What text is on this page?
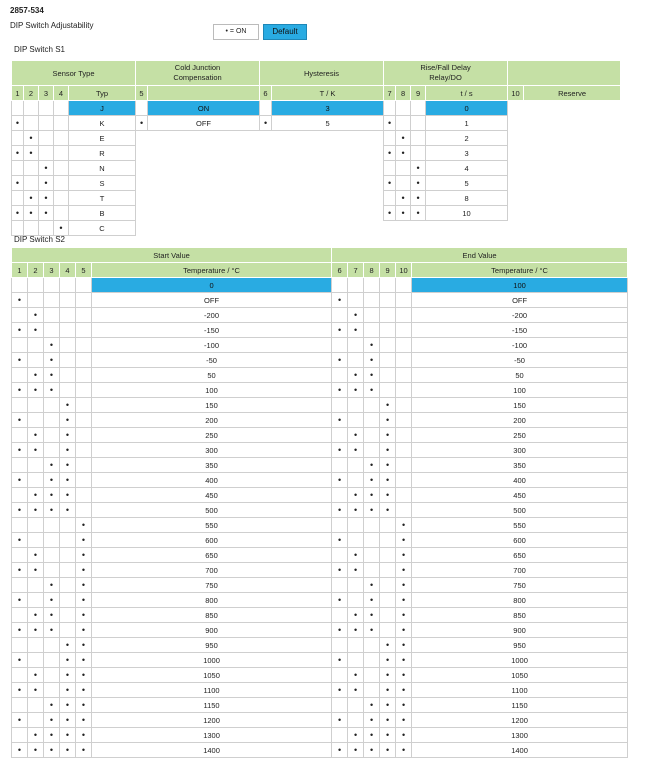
2857-534
DIP Switch Adjustability
• = ON	Default
DIP Switch S1
Sensor Type					Cold Junction
Compensation		Hysteresis		Rise/Fall Delay
Relay/DO					
1	2	3	4	Typ	5		6	T / K	7	8	9	t / s	10	Reserve
				J		ON		3				0		
•				K	•	OFF	•	5	•			1		
	•			E						•		2		
•	•			R					•	•		3		
		•		N							•	4		
•		•		S					•		•	5		
	•	•		T						•	•	8		
•	•	•		B					•	•	•	10		
			•	C										
DIP Switch S2
Start Value						End Value					
1	2	3	4	5	Temperature / °C	6	7	8	9	10	Temperature / °C
					0						100
•					OFF	•					OFF
	•				-200		•				-200
•	•				-150	•	•				-150
		•			-100			•			-100
•		•			-50	•		•			-50
	•	•			50		•	•			50
•	•	•			100	•	•	•			100
			•		150				•		150
•			•		200	•			•		200
	•		•		250		•		•		250
•	•		•		300	•	•		•		300
		•	•		350			•	•		350
•		•	•		400	•		•	•		400
	•	•	•		450		•	•	•		450
•	•	•	•		500	•	•	•	•		500
				•	550					•	550
•				•	600	•				•	600
	•			•	650		•			•	650
•	•			•	700	•	•			•	700
		•		•	750			•		•	750
•		•		•	800	•		•		•	800
	•	•		•	850		•	•		•	850
•	•	•		•	900	•	•	•		•	900
			•	•	950				•	•	950
•			•	•	1000	•			•	•	1000
	•		•	•	1050		•		•	•	1050
•	•		•	•	1100	•	•		•	•	1100
		•	•	•	1150			•	•	•	1150
•		•	•	•	1200	•		•	•	•	1200
	•	•	•	•	1300		•	•	•	•	1300
•	•	•	•	•	1400	•	•	•	•	•	1400
